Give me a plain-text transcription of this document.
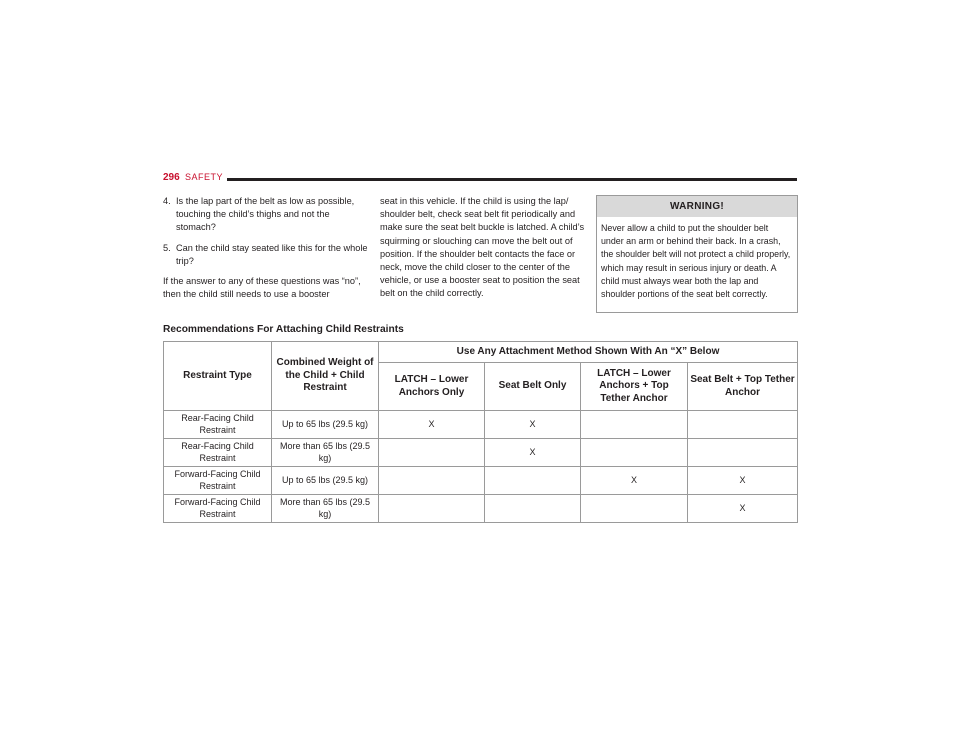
296 SAFETY
4. Is the lap part of the belt as low as possible, touching the child’s thighs and not the stomach?
5. Can the child stay seated like this for the whole trip?

If the answer to any of these questions was “no”, then the child still needs to use a booster

seat in this vehicle. If the child is using the lap/ shoulder belt, check seat belt fit periodically and make sure the seat belt buckle is latched. A child’s squirming or slouching can move the belt out of position. If the shoulder belt contacts the face or neck, move the child closer to the center of the vehicle, or use a booster seat to position the seat belt on the child correctly.

WARNING!
Never allow a child to put the shoulder belt under an arm or behind their back. In a crash, the shoulder belt will not protect a child properly, which may result in serious injury or death. A child must always wear both the lap and shoulder portions of the seat belt correctly.
Recommendations For Attaching Child Restraints
Restraint Type	Combined Weight of the Child + Child Restraint	Use Any Attachment Method Shown With An “X” Below			
		LATCH – Lower Anchors Only	Seat Belt Only	LATCH – Lower Anchors + Top Tether Anchor	Seat Belt + Top Tether Anchor
Rear-Facing Child Restraint	Up to 65 lbs (29.5 kg)	X	X		
Rear-Facing Child Restraint	More than 65 lbs (29.5 kg)		X		
Forward-Facing Child Restraint	Up to 65 lbs (29.5 kg)			X	X
Forward-Facing Child Restraint	More than 65 lbs (29.5 kg)				X
